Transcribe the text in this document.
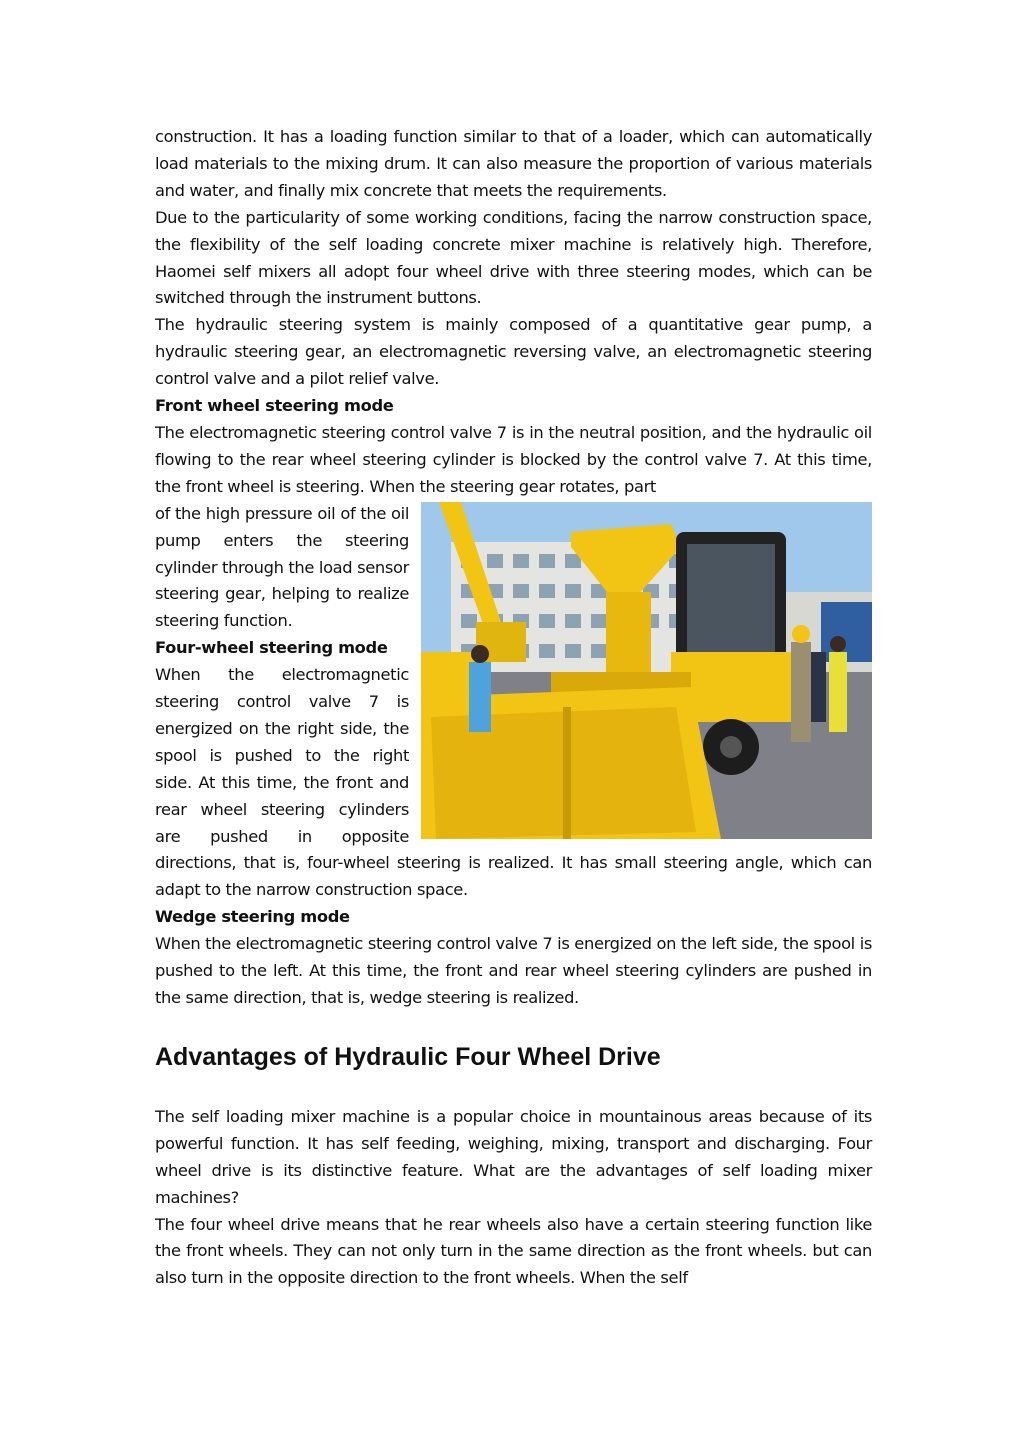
construction. It has a loading function similar to that of a loader, which can automatically load materials to the mixing drum. It can also measure the proportion of various materials and water, and finally mix concrete that meets the requirements.

Due to the particularity of some working conditions, facing the narrow construction space, the flexibility of the self loading concrete mixer machine is relatively high. Therefore, Haomei self mixers all adopt four wheel drive with three steering modes, which can be switched through the instrument buttons.

The hydraulic steering system is mainly composed of a quantitative gear pump, a hydraulic steering gear, an electromagnetic reversing valve, an electromagnetic steering control valve and a pilot relief valve.

Front wheel steering mode

The electromagnetic steering control valve 7 is in the neutral position, and the hydraulic oil flowing to the rear wheel steering cylinder is blocked by the control valve 7. At this time, the front wheel is steering. When the steering gear rotates, part

of the high pressure oil of the oil pump enters the steering cylinder through the load sensor steering gear, helping to realize steering function.

Four-wheel steering mode

When the electromagnetic steering control valve 7 is energized on the right side, the spool is pushed to the right side. At this time, the front and rear wheel steering cylinders are pushed in opposite directions, that is, four-wheel steering is realized. It has small steering angle, which can adapt to the narrow construction space.

Wedge steering mode

When the electromagnetic steering control valve 7 is energized on the left side, the spool is pushed to the left. At this time, the front and rear wheel steering cylinders are pushed in the same direction, that is, wedge steering is realized.

Advantages of Hydraulic Four Wheel Drive

The self loading mixer machine is a popular choice in mountainous areas because of its powerful function. It has self feeding, weighing, mixing, transport and discharging. Four wheel drive is its distinctive feature. What are the advantages of self loading mixer machines?

The four wheel drive means that he rear wheels also have a certain steering function like the front wheels. They can not only turn in the same direction as the front wheels. but can also turn in the opposite direction to the front wheels. When the self
